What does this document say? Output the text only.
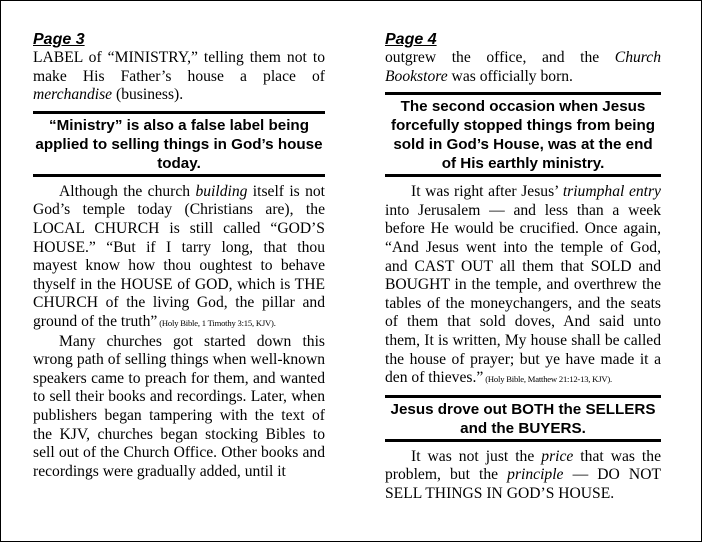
Page 3
LABEL of “MINISTRY,” telling them not to make His Father’s house a place of merchandise (business).
“Ministry” is also a false label being applied to selling things in God’s house today.
Although the church building itself is not God’s temple today (Christians are), the LOCAL CHURCH is still called “GOD’S HOUSE.” “But if I tarry long, that thou mayest know how thou oughtest to behave thyself in the HOUSE of GOD, which is THE CHURCH of the living God, the pillar and ground of the truth” (Holy Bible, 1 Timothy 3:15, KJV).
Many churches got started down this wrong path of selling things when well-known speakers came to preach for them, and wanted to sell their books and recordings. Later, when publishers began tampering with the text of the KJV, churches began stocking Bibles to sell out of the Church Office. Other books and recordings were gradually added, until it
Page 4
outgrew the office, and the Church Bookstore was officially born.
The second occasion when Jesus forcefully stopped things from being sold in God’s House, was at the end of His earthly ministry.
It was right after Jesus’ triumphal entry into Jerusalem — and less than a week before He would be crucified. Once again, “And Jesus went into the temple of God, and CAST OUT all them that SOLD and BOUGHT in the temple, and overthrew the tables of the moneychangers, and the seats of them that sold doves, And said unto them, It is written, My house shall be called the house of prayer; but ye have made it a den of thieves.” (Holy Bible, Matthew 21:12-13, KJV).
Jesus drove out BOTH the SELLERS and the BUYERS.
It was not just the price that was the problem, but the principle — DO NOT SELL THINGS IN GOD’S HOUSE.
